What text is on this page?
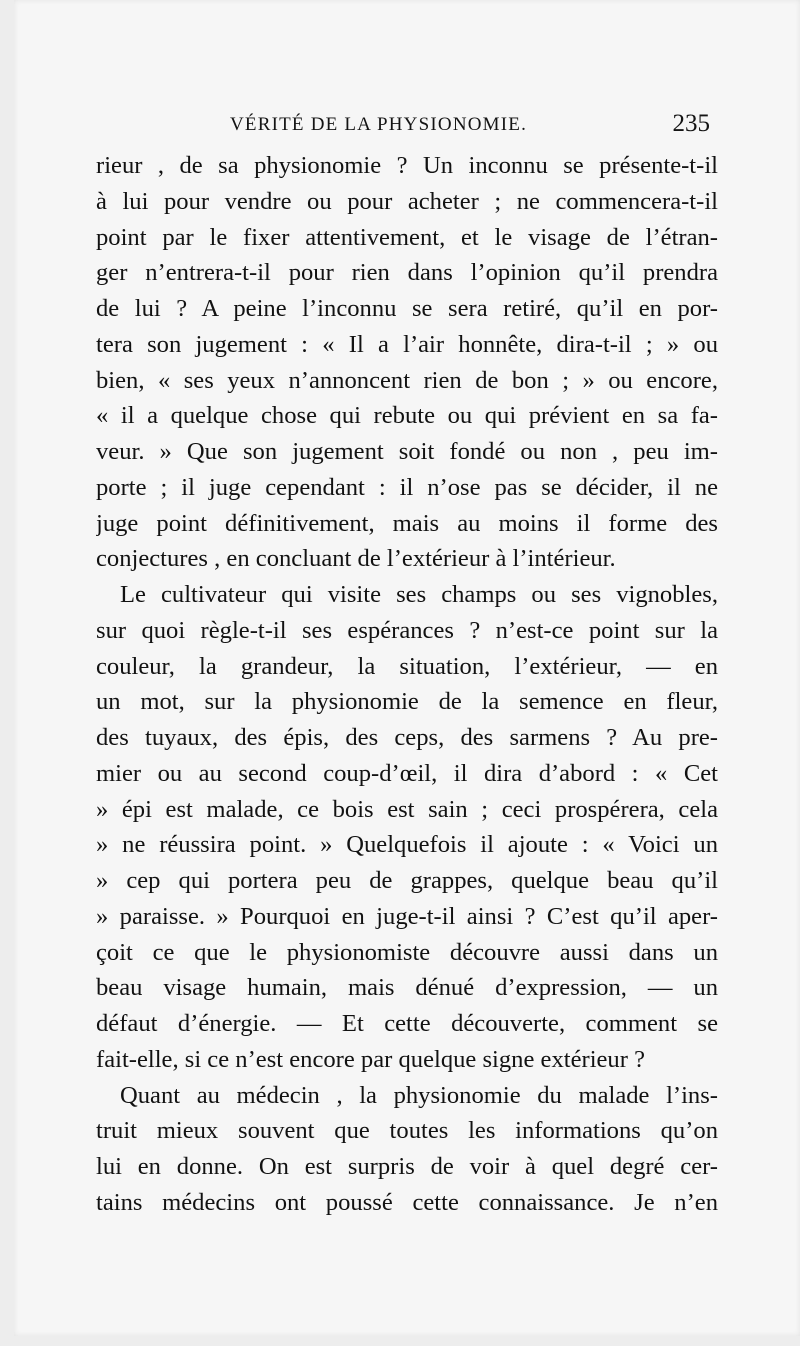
VÉRITÉ DE LA PHYSIONOMIE.	235
rieur , de sa physionomie ? Un inconnu se présente-t-il
à lui pour vendre ou pour acheter ; ne commencera-t-il
point par le fixer attentivement, et le visage de l’étran-
ger n’entrera-t-il pour rien dans l’opinion qu’il prendra
de lui ? A peine l’inconnu se sera retiré, qu’il en por-
tera son jugement : « Il a l’air honnête, dira-t-il ; » ou
bien, « ses yeux n’annoncent rien de bon ; » ou encore,
« il a quelque chose qui rebute ou qui prévient en sa fa-
veur. » Que son jugement soit fondé ou non , peu im-
porte ; il juge cependant : il n’ose pas se décider, il ne
juge point définitivement, mais au moins il forme des
conjectures , en concluant de l’extérieur à l’intérieur.
Le cultivateur qui visite ses champs ou ses vignobles,
sur quoi règle-t-il ses espérances ? n’est-ce point sur la
couleur, la grandeur, la situation, l’extérieur, — en
un mot, sur la physionomie de la semence en fleur,
des tuyaux, des épis, des ceps, des sarmens ? Au pre-
mier ou au second coup-d’œil, il dira d’abord : « Cet
» épi est malade, ce bois est sain ; ceci prospérera, cela
» ne réussira point. » Quelquefois il ajoute : « Voici un
» cep qui portera peu de grappes, quelque beau qu’il
» paraisse. » Pourquoi en juge-t-il ainsi ? C’est qu’il aper-
çoit ce que le physionomiste découvre aussi dans un
beau visage humain, mais dénué d’expression, — un
défaut d’énergie. — Et cette découverte, comment se
fait-elle, si ce n’est encore par quelque signe extérieur ?
Quant au médecin , la physionomie du malade l’ins-
truit mieux souvent que toutes les informations qu’on
lui en donne. On est surpris de voir à quel degré cer-
tains médecins ont poussé cette connaissance. Je n’en
